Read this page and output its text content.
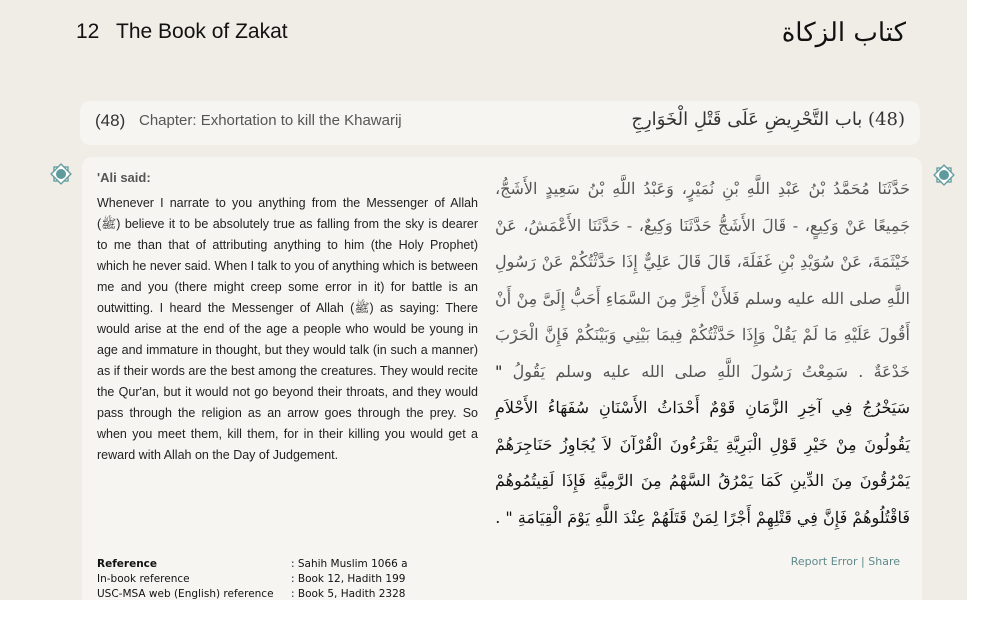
12 The Book of Zakat	كتاب الزكاة
(48) Chapter: Exhortation to kill the Khawarij	(48) باب التَّحْرِيضِ عَلَى قَتْلِ الْخَوَارِجِ
'Ali said:
Whenever I narrate to you anything from the Messenger of Allah (ﷺ) believe it to be absolutely true as falling from the sky is dearer to me than that of attributing anything to him (the Holy Prophet) which he never said. When I talk to you of anything which is between me and you (there might creep some error in it) for battle is an outwitting. I heard the Messenger of Allah (ﷺ) as saying: There would arise at the end of the age a people who would be young in age and immature in thought, but they would talk (in such a manner) as if their words are the best among the creatures. They would recite the Qur'an, but it would not go beyond their throats, and they would pass through the religion as an arrow goes through the prey. So when you meet them, kill them, for in their killing you would get a reward with Allah on the Day of Judgement.
حَدَّثَنَا مُحَمَّدُ بْنُ عَبْدِ اللَّهِ بْنِ نُمَيْرٍ، وَعَبْدُ اللَّهِ بْنُ سَعِيدٍ الأَشَجُّ، جَمِيعًا عَنْ وَكِيعٍ، - قَالَ الأَشَجُّ حَدَّثَنَا وَكِيعٌ، - حَدَّثَنَا الأَعْمَشُ، عَنْ خَيْثَمَةَ، عَنْ سُوَيْدِ بْنِ غَفَلَةَ، قَالَ قَالَ عَلِيٌّ إِذَا حَدَّثْتُكُمْ عَنْ رَسُولِ اللَّهِ صلى الله عليه وسلم فَلأَنْ أَخِرَّ مِنَ السَّمَاءِ أَحَبُّ إِلَىَّ مِنْ أَنْ أَقُولَ عَلَيْهِ مَا لَمْ يَقُلْ وَإِذَا حَدَّثْتُكُمْ فِيمَا بَيْنِي وَبَيْنَكُمْ فَإِنَّ الْحَرْبَ خَدْعَةٌ . سَمِعْتُ رَسُولَ اللَّهِ صلى الله عليه وسلم يَقُولُ " سَيَخْرُجُ فِي آخِرِ الزَّمَانِ قَوْمٌ أَحْدَاثُ الأَسْنَانِ سُفَهَاءُ الأَحْلاَمِ يَقُولُونَ مِنْ خَيْرِ قَوْلِ الْبَرِيَّةِ يَقْرَءُونَ الْقُرْآنَ لاَ يُجَاوِزُ حَنَاجِرَهُمْ يَمْرُقُونَ مِنَ الدِّينِ كَمَا يَمْرُقُ السَّهْمُ مِنَ الرَّمِيَّةِ فَإِذَا لَقِيتُمُوهُمْ فَاقْتُلُوهُمْ فَإِنَّ فِي قَتْلِهِمْ أَجْرًا لِمَنْ قَتَلَهُمْ عِنْدَ اللَّهِ يَوْمَ الْقِيَامَةِ " .
Reference	: Sahih Muslim 1066 a
In-book reference	: Book 12, Hadith 199
USC-MSA web (English) reference : Book 5, Hadith 2328
Report Error | Share
